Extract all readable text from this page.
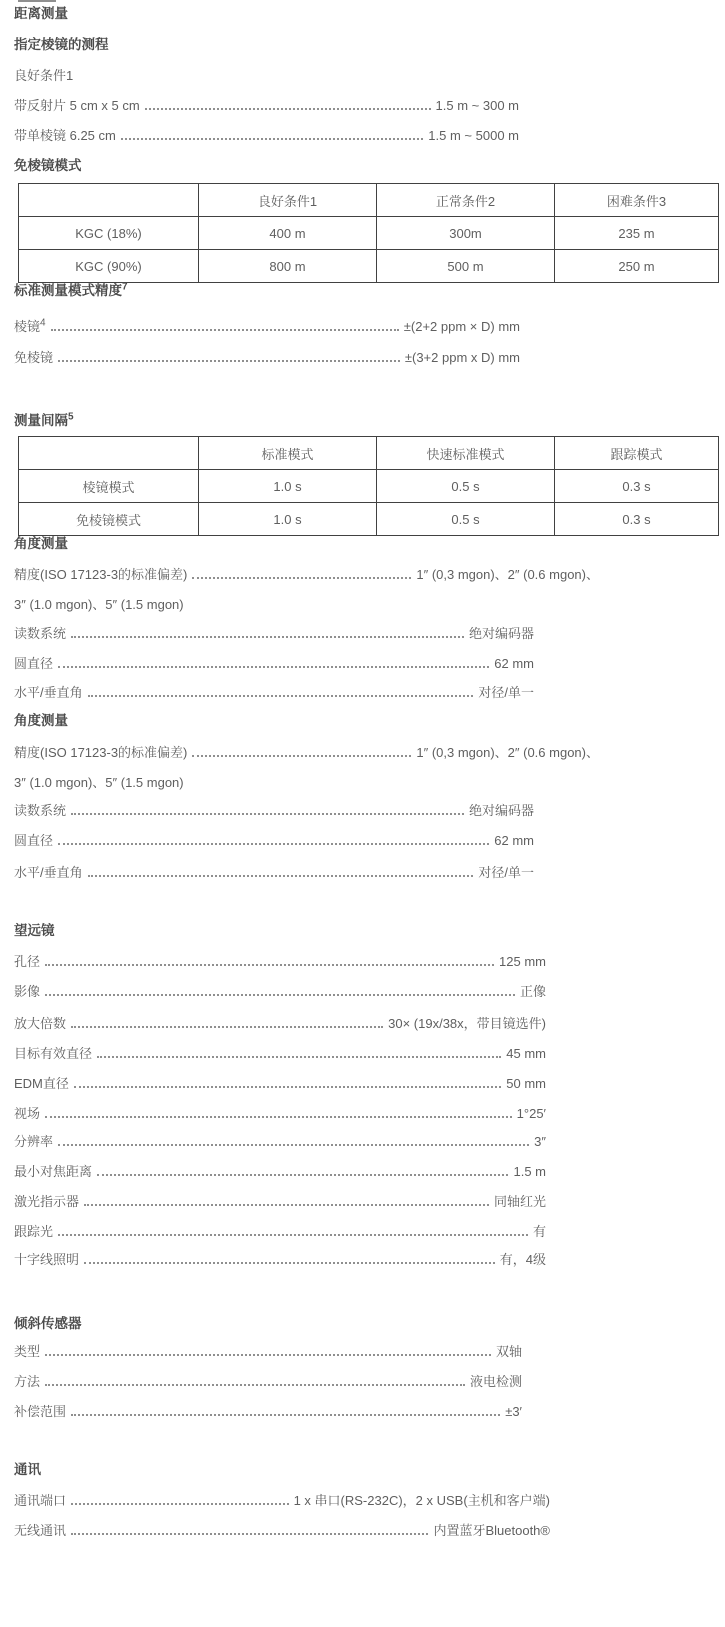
距离测量
指定棱镜的测程
良好条件1
带反射片 5 cm x 5 cm	1.5 m ~ 300 m
带单棱镜 6.25 cm	1.5 m ~ 5000 m
免棱镜模式
	良好条件1	正常条件2	困难条件3
KGC (18%)	400 m	300m	235 m
KGC (90%)	800 m	500 m	250 m
标准测量模式精度$^7$
棱镜$^4$	±(2+2 ppm × D) mm
免棱镜	±(3+2 ppm x D) mm
测量间隔$^5$
	标准模式	快速标准模式	跟踪模式
棱镜模式	1.0 s	0.5 s	0.3 s
免棱镜模式	1.0 s	0.5 s	0.3 s
角度测量
精度(ISO 17123-3的标准偏差)	1″ (0,3 mgon)、2″ (0.6 mgon)、
3″ (1.0 mgon)、5″ (1.5 mgon)
读数系统	绝对编码器
圆直径	62 mm
水平/垂直角	对径/单一
角度测量
精度(ISO 17123-3的标准偏差)	1″ (0,3 mgon)、2″ (0.6 mgon)、
3″ (1.0 mgon)、5″ (1.5 mgon)
读数系统	绝对编码器
圆直径	62 mm
水平/垂直角	对径/单一
望远镜
孔径	125 mm
影像	正像
放大倍数	30× (19x/38x，带目镜选件)
目标有效直径	45 mm
EDM直径	50 mm
视场	1°25′
分辨率	3″
最小对焦距离	1.5 m
激光指示器	同轴红光
跟踪光	有
十字线照明	有，4级
倾斜传感器
类型	双轴
方法	液电检测
补偿范围	±3′
通讯
通讯端口	1 x 串口(RS-232C)，2 x USB(主机和客户端)
无线通讯	内置蓝牙Bluetooth®
